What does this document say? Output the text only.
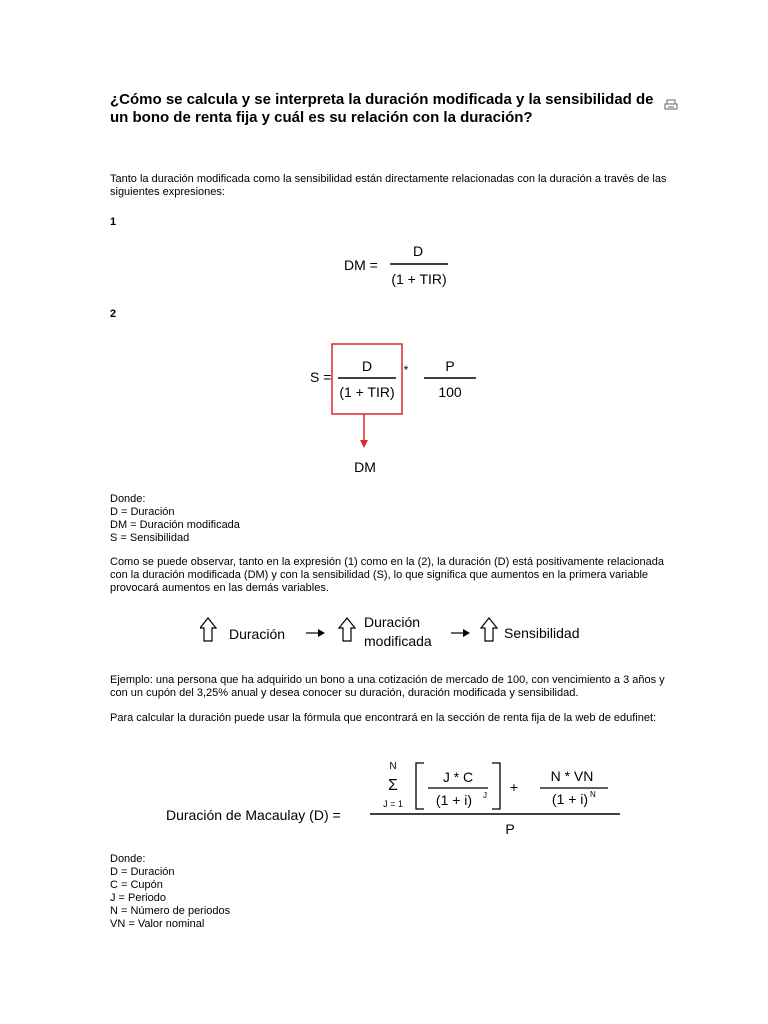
¿Cómo se calcula y se interpreta la duración modificada y la sensibilidad de un bono de renta fija y cuál es su relación con la duración?
Tanto la duración modificada como la sensibilidad están directamente relacionadas con la duración a través de las siguientes expresiones:
1
DM =
D
(1 + TIR)
2
S =
D
(1 + TIR)
*	P
100
DM
Donde:
D = Duración
DM = Duración modificada
S = Sensibilidad
Como se puede observar, tanto en la expresión (1) como en la (2), la duración (D) está positivamente relacionada con la duración modificada (DM) y con la sensibilidad (S), lo que significa que aumentos en la primera variable provocará aumentos en las demás variables.
Duración
Duración
modificada	Sensibilidad
Ejemplo: una persona que ha adquirido un bono a una cotización de mercado de 100, con vencimiento a 3 años y con un cupón del 3,25% anual y desea conocer su duración, duración modificada y sensibilidad.
Para calcular la duración puede usar la fórmula que encontrará en la sección de renta fija de la web de edufinet:
Duración de Macaulay (D) =
N
Σ
J = 1
J * C
(1 + i) J
+
N * VN
(1 + i) N
P
Donde:
D = Duración
C = Cupón
J = Periodo
N = Número de periodos
VN = Valor nominal
